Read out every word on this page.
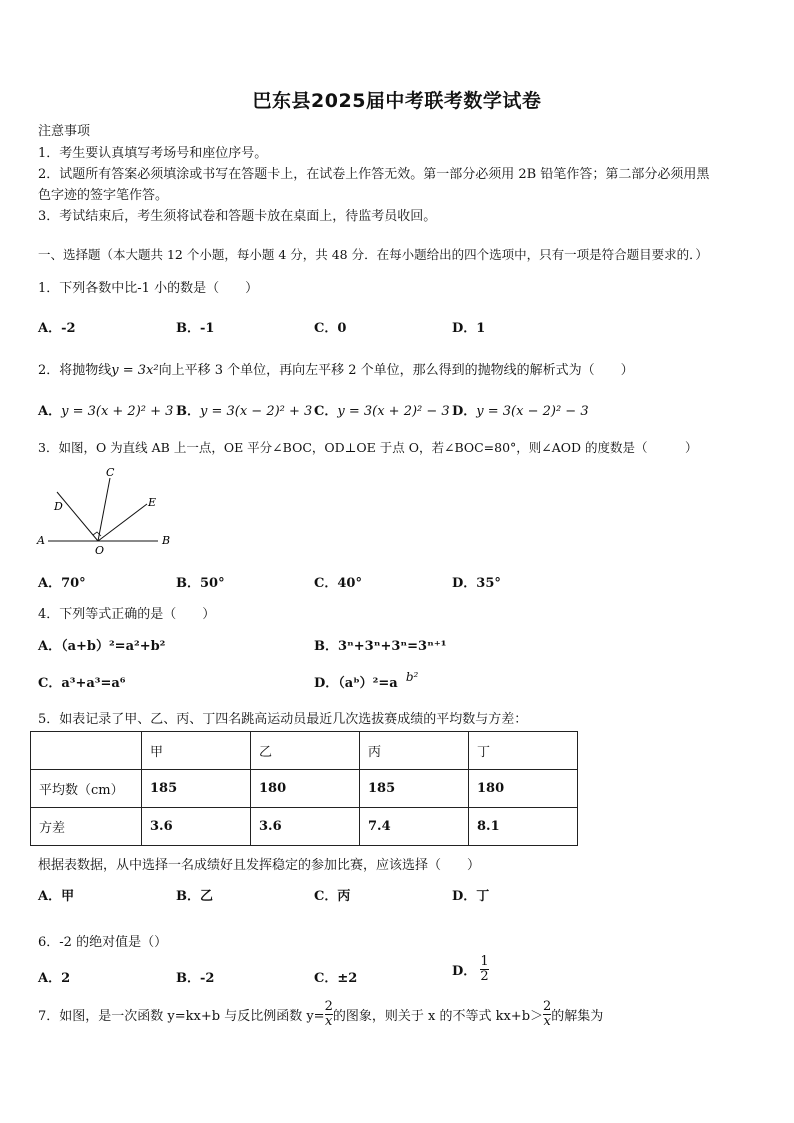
巴东县2025届中考联考数学试卷
注意事项
1．考生要认真填写考场号和座位序号。
2．试题所有答案必须填涂或书写在答题卡上，在试卷上作答无效。第一部分必须用 2B 铅笔作答；第二部分必须用黑
色字迹的签字笔作答。
3．考试结束后，考生须将试卷和答题卡放在桌面上，待监考员收回。
一、选择题（本大题共 12 个小题，每小题 4 分，共 48 分．在每小题给出的四个选项中，只有一项是符合题目要求的．）
1．下列各数中比-1 小的数是（　　）
A．-2	B．-1	C．0	D．1
2．将抛物线y = 3x²向上平移 3 个单位，再向左平移 2 个单位，那么得到的抛物线的解析式为（　　）
A．y = 3(x + 2)² + 3 B．y = 3(x − 2)² + 3 C．y = 3(x + 2)² − 3 D．y = 3(x − 2)² − 3
3．如图，O 为直线 AB 上一点，OE 平分∠BOC，OD⊥OE 于点 O，若∠BOC=80°，则∠AOD 的度数是（　　　）
A	B
C
D	E
O
A．70°	B．50°	C．40°	D．35°
4．下列等式正确的是（　　）
A．（a+b）²=a²+b²	B．3ⁿ+3ⁿ+3ⁿ=3ⁿ⁺¹
C．a³+a³=a⁶	D．（aᵇ）²=a b²
5．如表记录了甲、乙、丙、丁四名跳高运动员最近几次选拔赛成绩的平均数与方差：
	甲	乙	丙	丁
平均数（cm）	185	180	185	180
方差	3.6	3.6	7.4	8.1
根据表数据，从中选择一名成绩好且发挥稳定的参加比赛，应该选择（　　）
A．甲	B．乙	C．丙	D．丁
6．-2 的绝对值是（）
A．2	B．-2	C．±2	D． $\frac{1}{2}$
7．如图，是一次函数 y=kx+b 与反比例函数 $y= \frac{2}{x}$ 的图象，则关于 x 的不等式 $kx+b> \frac{2}{x}$ 的解集为
